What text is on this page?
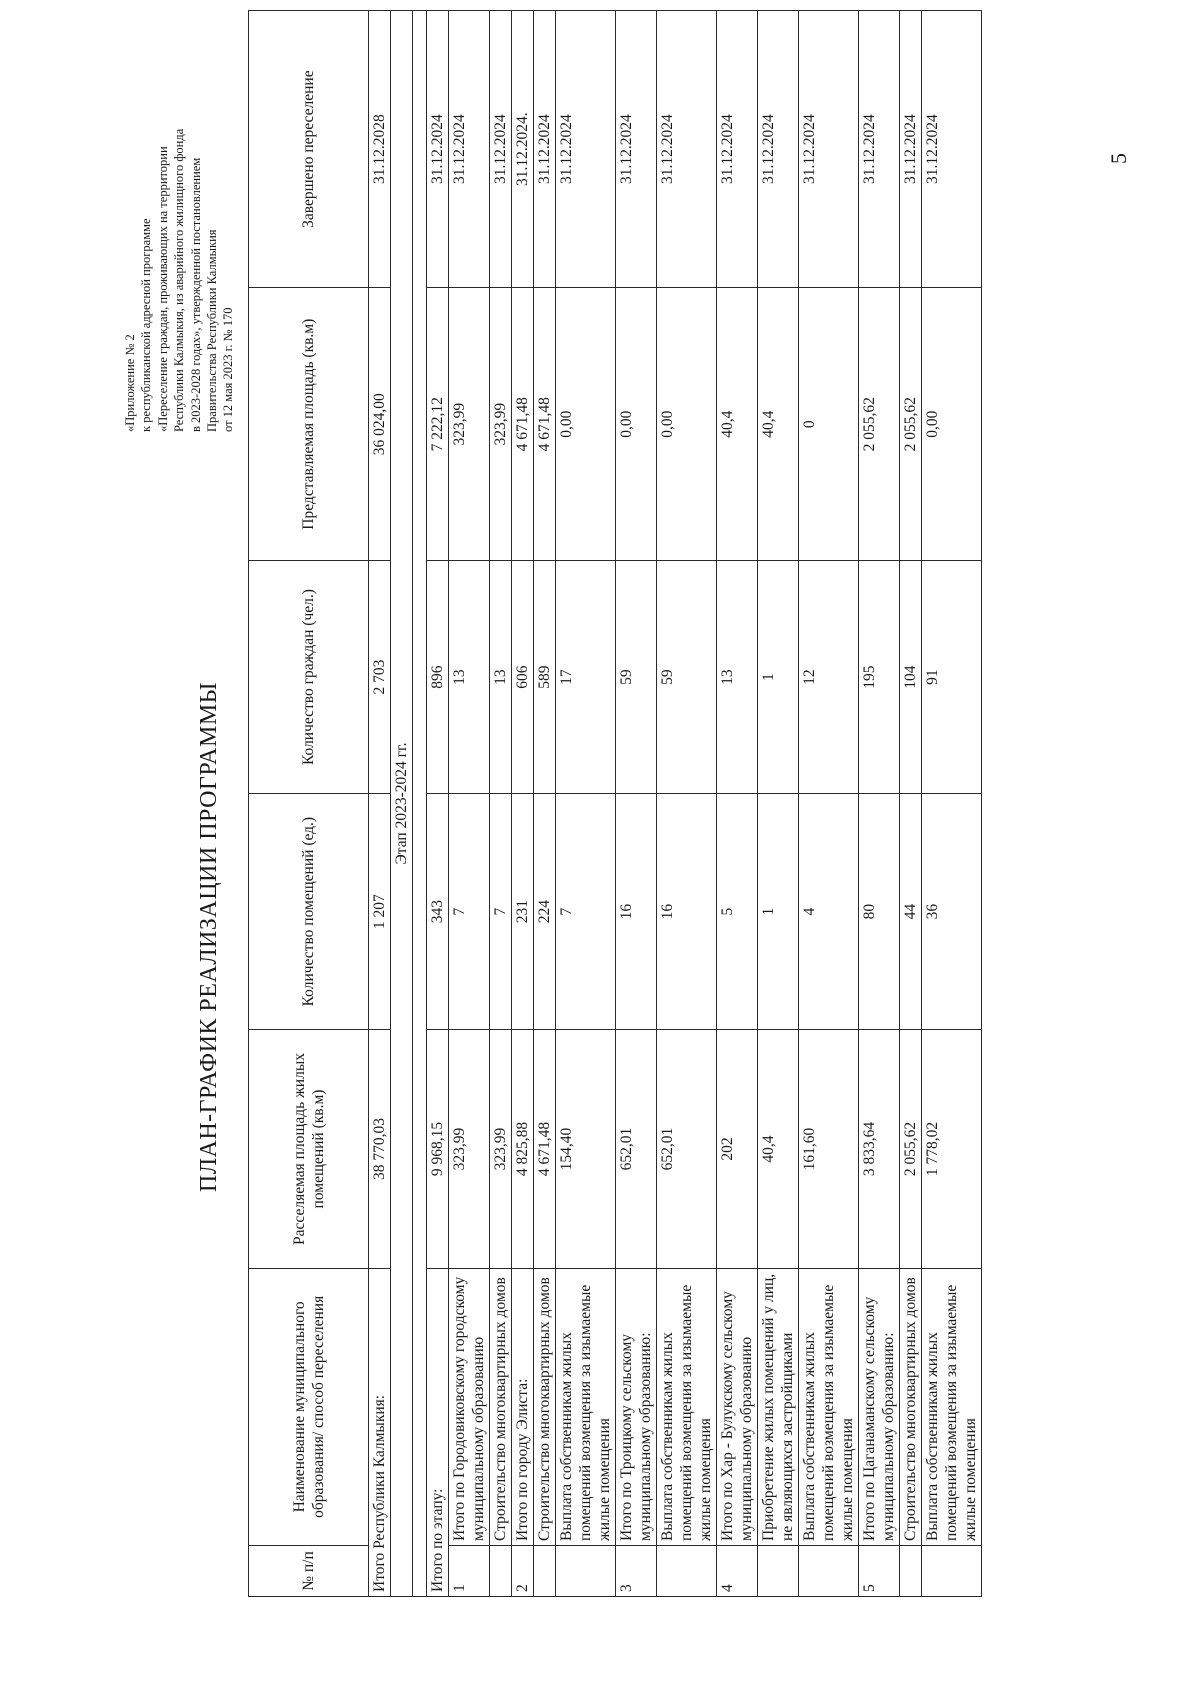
«Приложение № 2 к республиканской адресной программе «Переселение граждан, проживающих на территории Республики Калмыкия, из аварийного жилищного фонда в 2023-2028 годах», утвержденной постановлением Правительства Республики Калмыкия от 12 мая 2023 г. № 170
ПЛАН-ГРАФИК РЕАЛИЗАЦИИ ПРОГРАММЫ
№ п/п	Наименование муниципального образования/ способ переселения	Расселяемая площадь жилых помещений (кв.м)	Количество помещений (ед.)	Количество граждан (чел.)	Представляемая площадь (кв.м)	Завершено переселение
Итого Республики Калмыкия:		38 770,03	1 207	2 703	36 024,00	31.12.2028
Этап 2023-2024 гг.						

Итого по этапу:		9 968,15	343	896	7 222,12	31.12.2024
1	Итого по Городовиковскому городскому муниципальному образованию	323,99	7	13	323,99	31.12.2024
	Строительство многоквартирных домов	323,99	7	13	323,99	31.12.2024
2	Итого по городу Элиста:	4 825,88	231	606	4 671,48	31.12.2024.
	Строительство многоквартирных домов	4 671,48	224	589	4 671,48	31.12.2024
	Выплата собственникам жилых помещений возмещения за изымаемые жилые помещения	154,40	7	17	0,00	31.12.2024
3	Итого по Троицкому сельскому муниципальному образованию:	652,01	16	59	0,00	31.12.2024
	Выплата собственникам жилых помещений возмещения за изымаемые жилые помещения	652,01	16	59	0,00	31.12.2024
4	Итого по Хар - Булукскому сельскому муниципальному образованию	202	5	13	40,4	31.12.2024
	Приобретение жилых помещений у лиц, не являющихся застройщиками	40,4	1	1	40,4	31.12.2024
	Выплата собственникам жилых помещений возмещения за изымаемые жилые помещения	161,60	4	12	0	31.12.2024
5	Итого по Цаганаманскому сельскому муниципальному образованию:	3 833,64	80	195	2 055,62	31.12.2024
	Строительство многоквартирных домов	2 055,62	44	104	2 055,62	31.12.2024
	Выплата собственникам жилых помещений возмещения за изымаемые жилые помещения	1 778,02	36	91	0,00	31.12.2024	5
